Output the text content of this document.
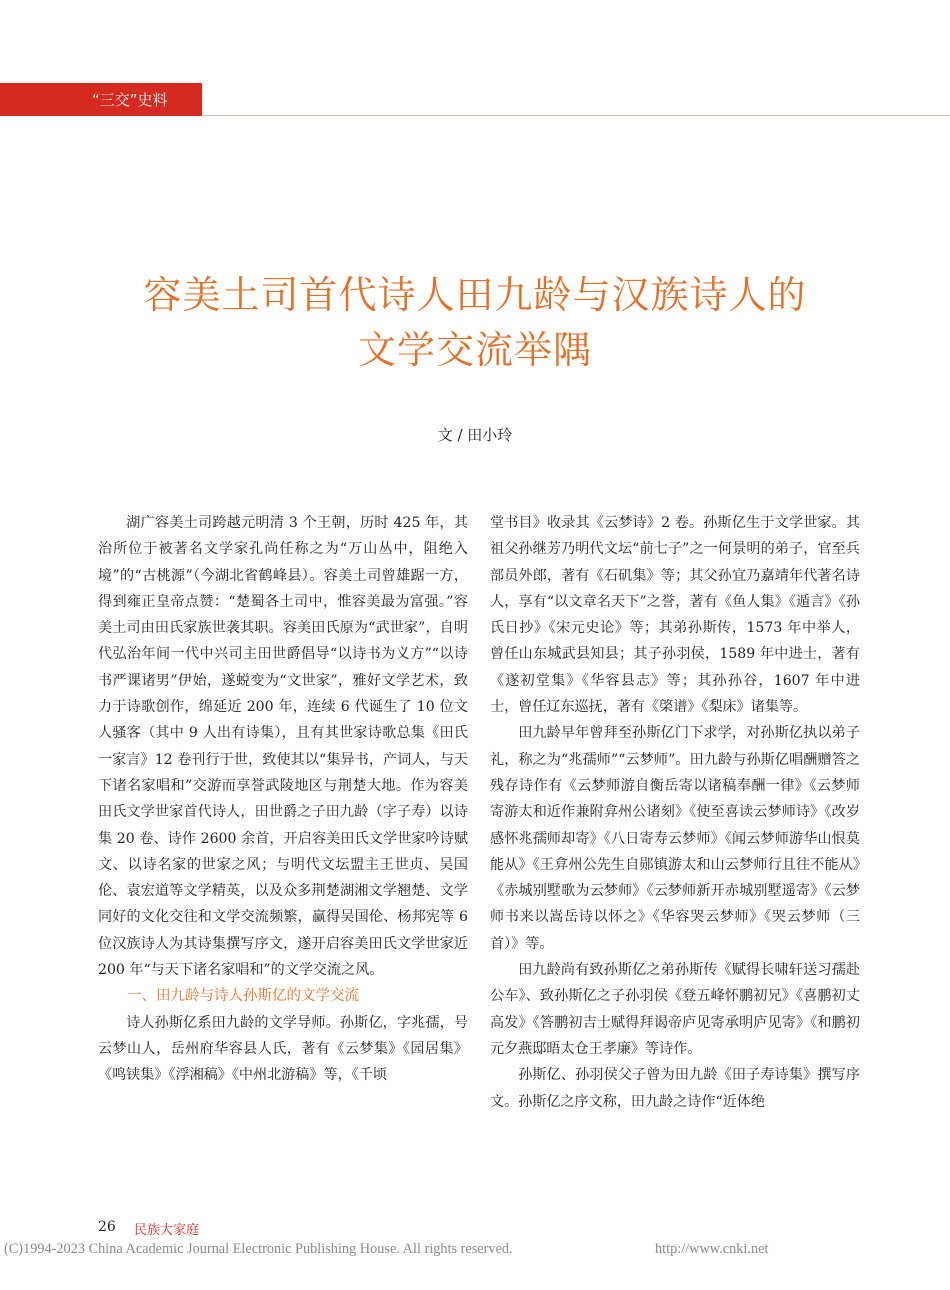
“三交”史料
容美土司首代诗人田九龄与汉族诗人的
文学交流举隅
文 / 田小玲

湖广容美土司跨越元明清 3 个王朝，历时 425 年，其治所位于被著名文学家孔尚任称之为“万山丛中，阻绝入境”的“古桃源”（今湖北省鹤峰县）。容美土司曾雄踞一方，得到雍正皇帝点赞：“楚蜀各土司中，惟容美最为富强。”容美土司由田氏家族世袭其职。容美田氏原为“武世家”，自明代弘治年间一代中兴司主田世爵倡导“以诗书为义方”“以诗书严课诸男”伊始，遂蜕变为“文世家”，雅好文学艺术，致力于诗歌创作，绵延近 200 年，连续 6 代诞生了 10 位文人骚客（其中 9 人出有诗集），且有其世家诗歌总集《田氏一家言》12 卷刊行于世，致使其以“集异书，产词人，与天下诸名家唱和”交游而享誉武陵地区与荆楚大地。作为容美田氏文学世家首代诗人，田世爵之子田九龄（字子寿）以诗集 20 卷、诗作 2600 余首，开启容美田氏文学世家吟诗赋文、以诗名家的世家之风；与明代文坛盟主王世贞、吴国伦、袁宏道等文学精英，以及众多荆楚湖湘文学翘楚、文学同好的文化交往和文学交流频繁，赢得吴国伦、杨邦宪等 6 位汉族诗人为其诗集撰写序文，遂开启容美田氏文学世家近 200 年“与天下诸名家唱和”的文学交流之风。

一、田九龄与诗人孙斯亿的文学交流

诗人孙斯亿系田九龄的文学导师。孙斯亿，字兆孺，号云梦山人，岳州府华容县人氏，著有《云梦集》《园居集》《鸣铗集》《浮湘稿》《中州北游稿》等，《千顷

堂书目》收录其《云梦诗》2 卷。孙斯亿生于文学世家。其祖父孙继芳乃明代文坛“前七子”之一何景明的弟子，官至兵部员外郎，著有《石矶集》等；其父孙宜乃嘉靖年代著名诗人，享有“以文章名天下”之誉，著有《鱼人集》《遁言》《孙氏日抄》《宋元史论》等；其弟孙斯传，1573 年中举人，曾任山东城武县知县；其子孙羽侯，1589 年中进士，著有《遂初堂集》《华容县志》等；其孙孙谷，1607 年中进士，曾任辽东巡抚，著有《棨谱》《梨床》诸集等。

田九龄早年曾拜至孙斯亿门下求学，对孙斯亿执以弟子礼，称之为“兆孺师”“云梦师”。田九龄与孙斯亿唱酬赠答之残存诗作有《云梦师游自衡岳寄以诸稿奉酬一律》《云梦师寄游太和近作兼附弇州公诸刻》《使至喜读云梦师诗》《改岁感怀兆孺师却寄》《八日寄寿云梦师》《闻云梦师游华山恨莫能从》《王弇州公先生自郧镇游太和山云梦师行且往不能从》《赤城别墅歌为云梦师》《云梦师新开赤城别墅遥寄》《云梦师书来以嵩岳诗以怀之》《华容哭云梦师》《哭云梦师（三首）》等。

田九龄尚有致孙斯亿之弟孙斯传《赋得长啸轩送习孺赴公车》、致孙斯亿之子孙羽侯《登五峰怀鹏初兄》《喜鹏初丈高发》《答鹏初吉士赋得拜谒帝庐见寄承明庐见寄》《和鹏初元夕燕邸晤太仓王孝廉》等诗作。

孙斯亿、孙羽侯父子曾为田九龄《田子寿诗集》撰写序文。孙斯亿之序文称，田九龄之诗作“近体绝

26 民族大家庭
(C)1994-2023 China Academic Journal Electronic Publishing House. All rights reserved.	http://www.cnki.net
